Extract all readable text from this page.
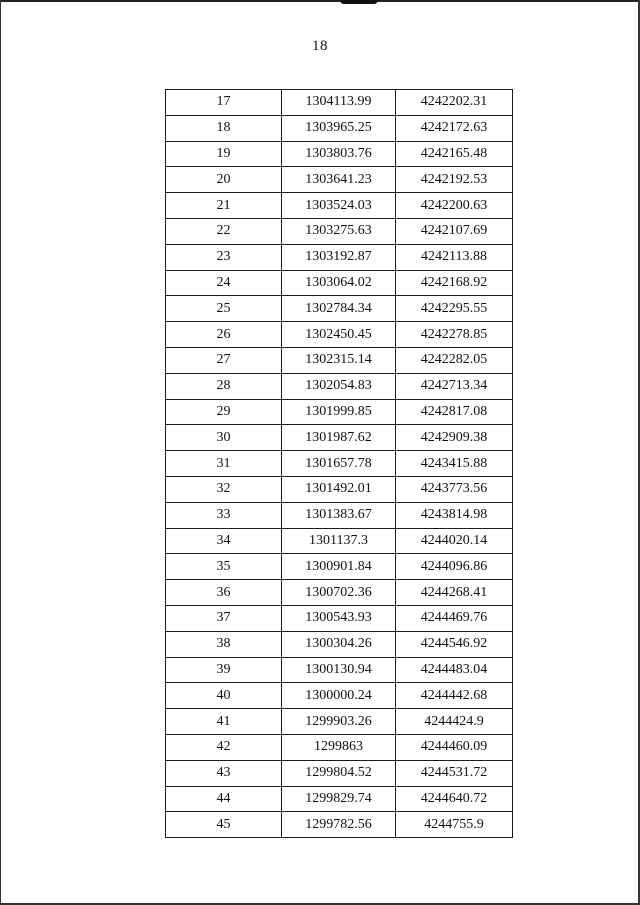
18
17	1304113.99	4242202.31
18	1303965.25	4242172.63
19	1303803.76	4242165.48
20	1303641.23	4242192.53
21	1303524.03	4242200.63
22	1303275.63	4242107.69
23	1303192.87	4242113.88
24	1303064.02	4242168.92
25	1302784.34	4242295.55
26	1302450.45	4242278.85
27	1302315.14	4242282.05
28	1302054.83	4242713.34
29	1301999.85	4242817.08
30	1301987.62	4242909.38
31	1301657.78	4243415.88
32	1301492.01	4243773.56
33	1301383.67	4243814.98
34	1301137.3	4244020.14
35	1300901.84	4244096.86
36	1300702.36	4244268.41
37	1300543.93	4244469.76
38	1300304.26	4244546.92
39	1300130.94	4244483.04
40	1300000.24	4244442.68
41	1299903.26	4244424.9
42	1299863	4244460.09
43	1299804.52	4244531.72
44	1299829.74	4244640.72
45	1299782.56	4244755.9
